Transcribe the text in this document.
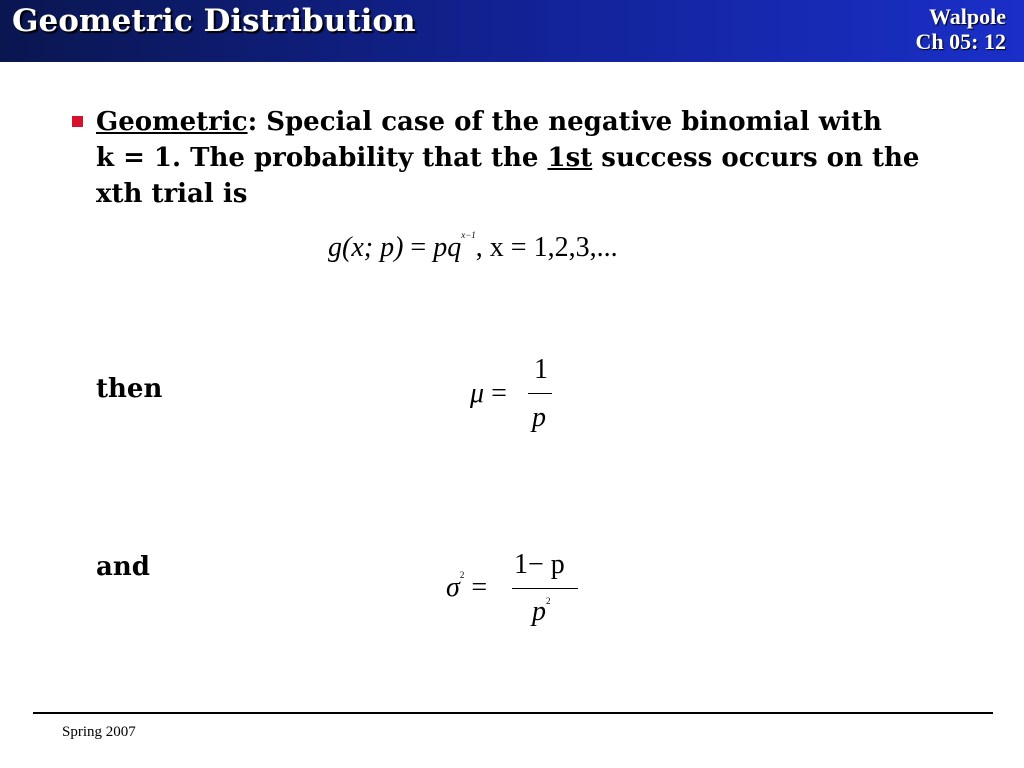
Geometric Distribution	Walpole
Ch 05: 12
Geometric: Special case of the negative binomial with
k = 1. The probability that the 1st success occurs on the
xth trial is
g(x; $p) = pq^{x-1}$, x = 1,2,3,...
then	μ =
1
p
and
$\sigma^2$ =
1− p
$p^2$
Spring 2007
